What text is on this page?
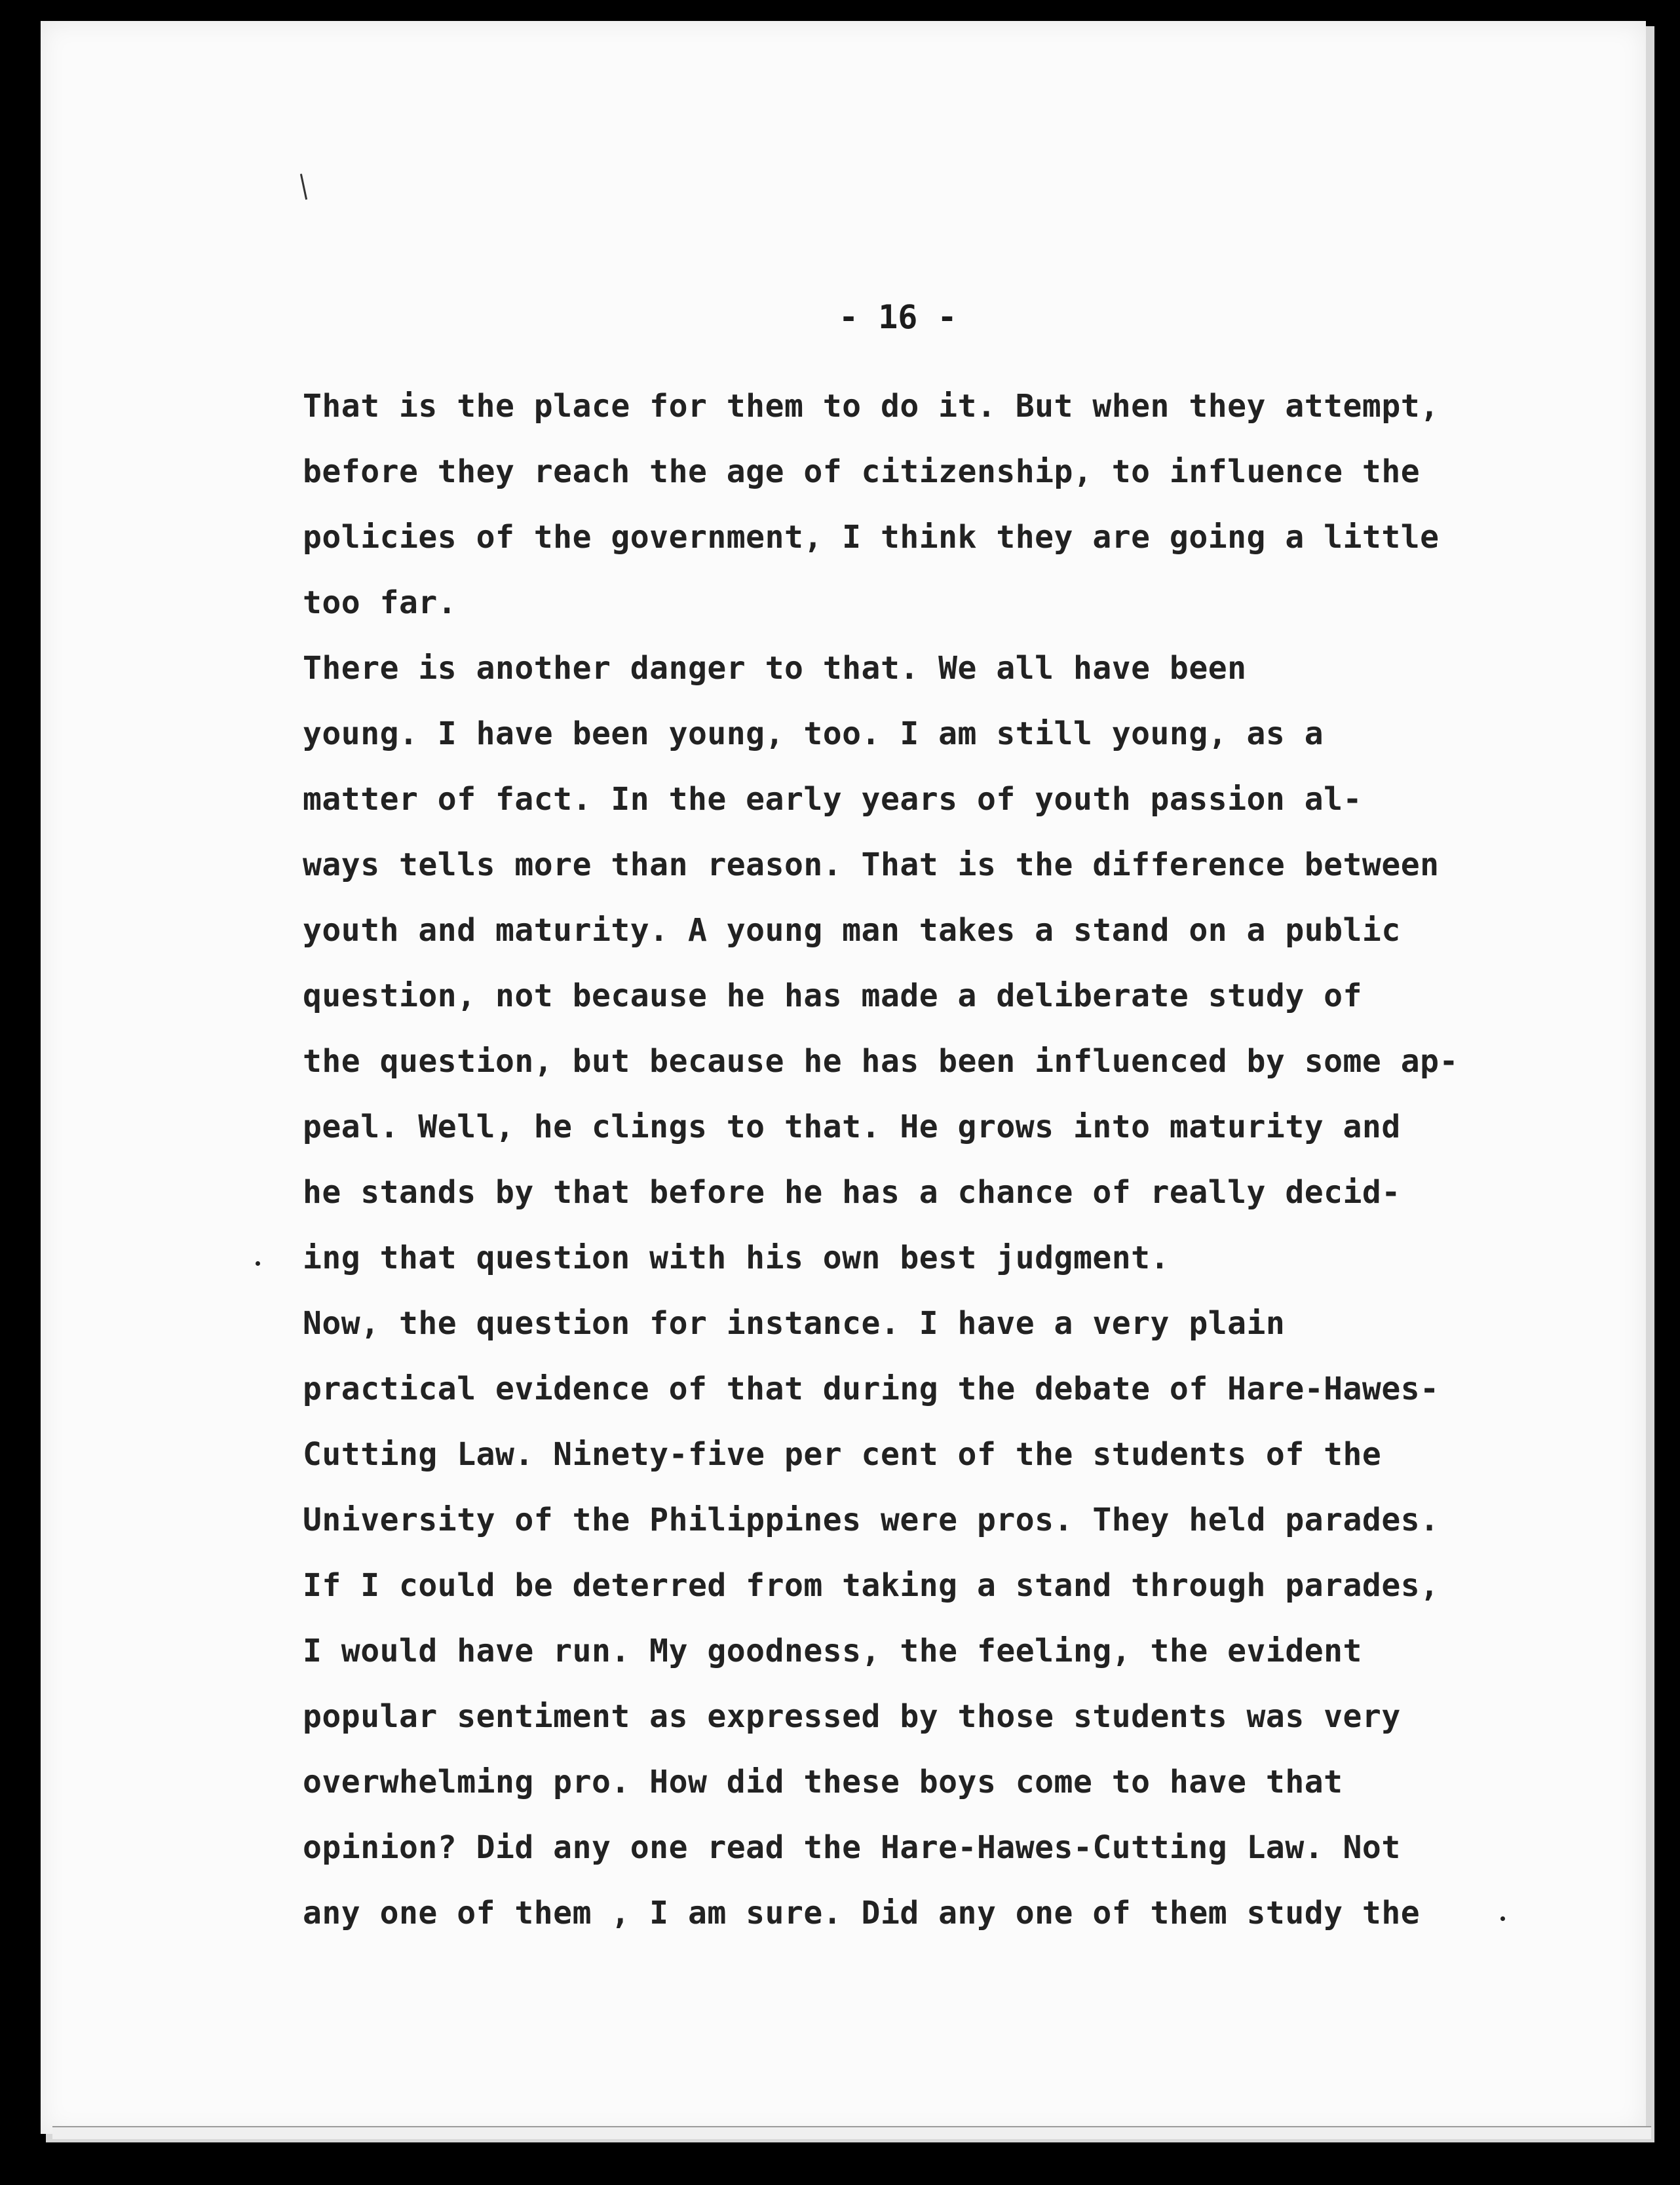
- 16 -
That is the place for them to do it. But when they attempt,
before they reach the age of citizenship, to influence the
policies of the government, I think they are going a little
too far.
There is another danger to that. We all have been
young. I have been young, too. I am still young, as a
matter of fact. In the early years of youth passion al-
ways tells more than reason. That is the difference between
youth and maturity. A young man takes a stand on a public
question, not because he has made a deliberate study of
the question, but because he has been influenced by some ap-
peal. Well, he clings to that. He grows into maturity and
he stands by that before he has a chance of really decid-
ing that question with his own best judgment.
Now, the question for instance. I have a very plain
practical evidence of that during the debate of Hare-Hawes-
Cutting Law. Ninety-five per cent of the students of the
University of the Philippines were pros. They held parades.
If I could be deterred from taking a stand through parades,
I would have run. My goodness, the feeling, the evident
popular sentiment as expressed by those students was very
overwhelming pro. How did these boys come to have that
opinion? Did any one read the Hare-Hawes-Cutting Law. Not
any one of them , I am sure. Did any one of them study the
